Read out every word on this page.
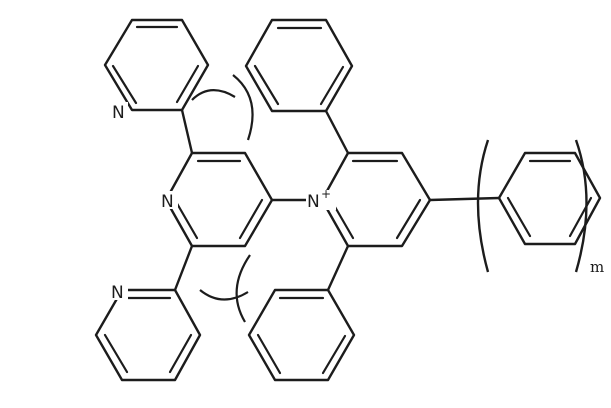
N
N
N
N +
m
